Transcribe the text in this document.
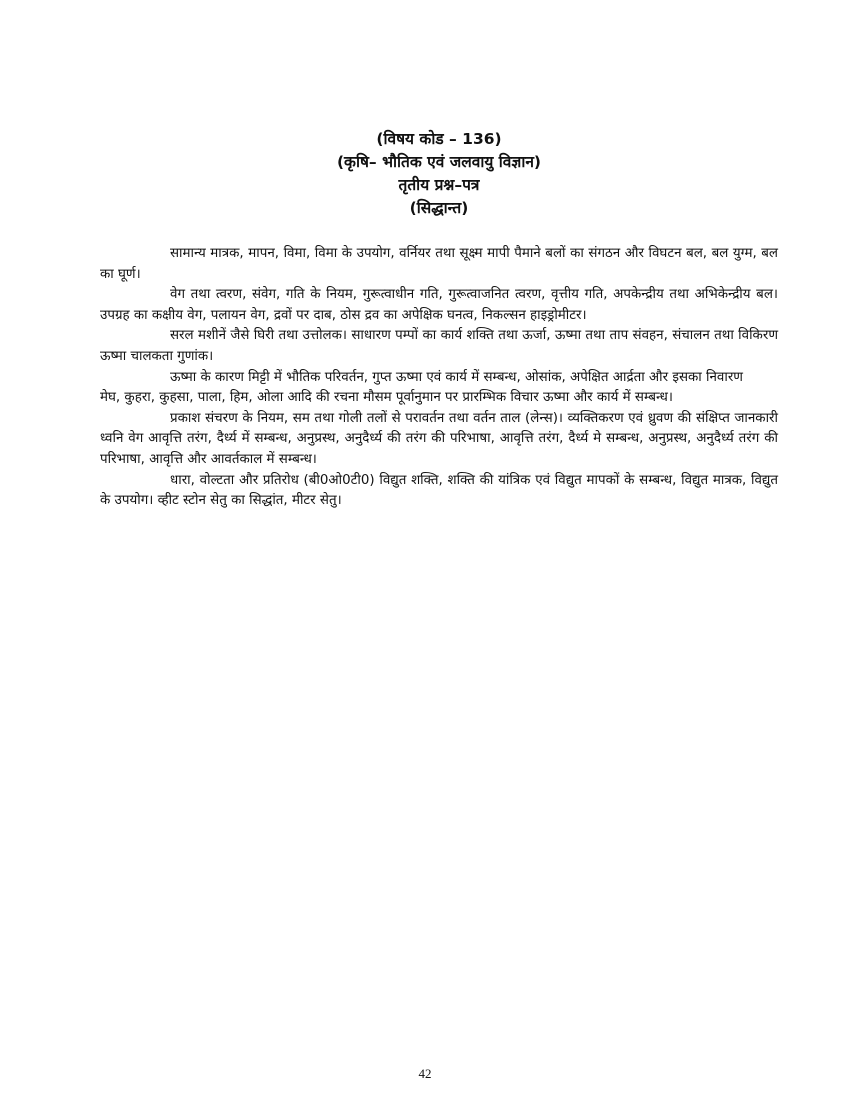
(विषय कोड – 136)
(कृषि– भौतिक एवं जलवायु विज्ञान)
तृतीय प्रश्न–पत्र
(सिद्धान्त)

सामान्य मात्रक, मापन, विमा, विमा के उपयोग, वर्नियर तथा सूक्ष्म मापी पैमाने बलों का संगठन और विघटन बल, बल युग्म, बल का घूर्ण।

वेग तथा त्वरण, संवेग, गति के नियम, गुरूत्वाधीन गति, गुरूत्वाजनित त्वरण, वृत्तीय गति, अपकेन्द्रीय तथा अभिकेन्द्रीय बल। उपग्रह का कक्षीय वेग, पलायन वेग, द्रवों पर दाब, ठोस द्रव का अपेक्षिक घनत्व, निकल्सन हाइड्रोमीटर।

सरल मशीनें जैसे घिरी तथा उत्तोलक। साधारण पम्पों का कार्य शक्ति तथा ऊर्जा, ऊष्मा तथा ताप संवहन, संचालन तथा विकिरण ऊष्मा चालकता गुणांक।

ऊष्मा के कारण मिट्टी में भौतिक परिवर्तन, गुप्त ऊष्मा एवं कार्य में सम्बन्ध, ओसांक, अपेक्षित आर्द्रता और इसका निवारण

मेघ, कुहरा, कुहसा, पाला, हिम, ओला आदि की रचना मौसम पूर्वानुमान पर प्रारम्भिक विचार ऊष्मा और कार्य में सम्बन्ध।

प्रकाश संचरण के नियम, सम तथा गोली तलों से परावर्तन तथा वर्तन ताल (लेन्स)। व्यक्तिकरण एवं ध्रुवण की संक्षिप्त जानकारी ध्वनि वेग आवृत्ति तरंग, दैर्ध्य में सम्बन्ध, अनुप्रस्थ, अनुदैर्ध्य की तरंग की परिभाषा, आवृत्ति तरंग, दैर्ध्य मे सम्बन्ध, अनुप्रस्थ, अनुदैर्ध्य तरंग की परिभाषा, आवृत्ति और आवर्तकाल में सम्बन्ध।

धारा, वोल्टता और प्रतिरोध (बी0ओ0टी0) विद्युत शक्ति, शक्ति की यांत्रिक एवं विद्युत मापकों के सम्बन्ध, विद्युत मात्रक, विद्युत के उपयोग। व्हीट स्टोन सेतु का सिद्धांत, मीटर सेतु।

42
